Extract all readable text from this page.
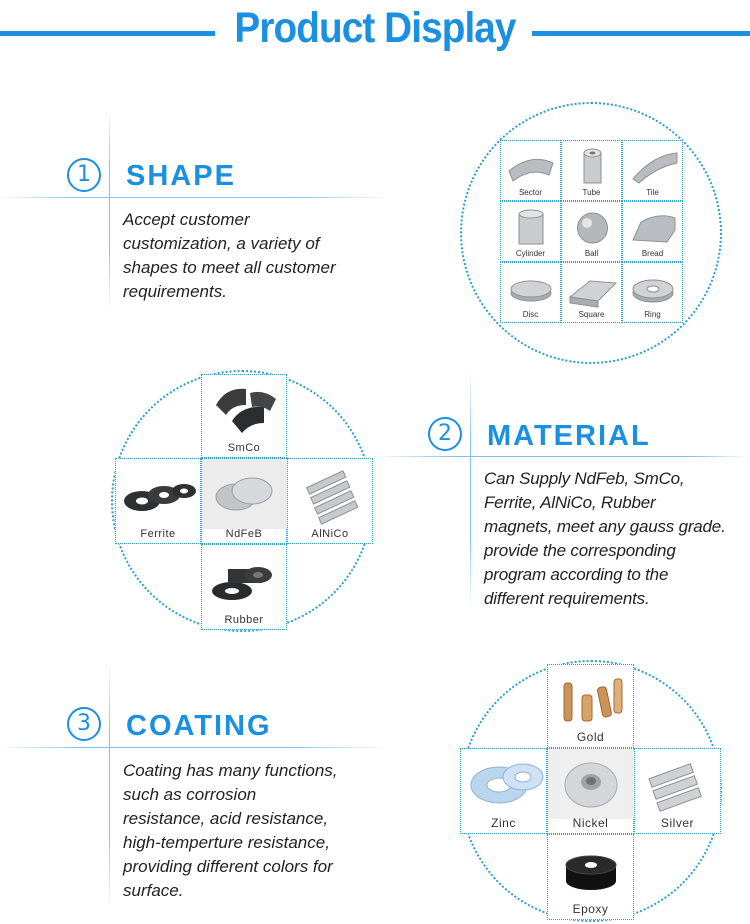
Product Display
1	SHAPE
Accept customer
customization, a variety of
shapes to meet all customer
requirements.
Sector	Tube	Tile
Cylinder	Ball	Bread
Disc	Square	Ring
SmCo
Ferrite	NdFeB	AlNiCo
Rubber
2	MATERIAL
Can Supply NdFeb, SmCo,
Ferrite, AlNiCo, Rubber
magnets, meet any gauss grade.
provide the corresponding
program according to the
different requirements.
3	COATING
Coating has many functions,
such as corrosion
resistance, acid resistance,
high-temperture resistance,
providing different colors for
surface.
Gold
Zinc	Nickel	Silver
Epoxy
